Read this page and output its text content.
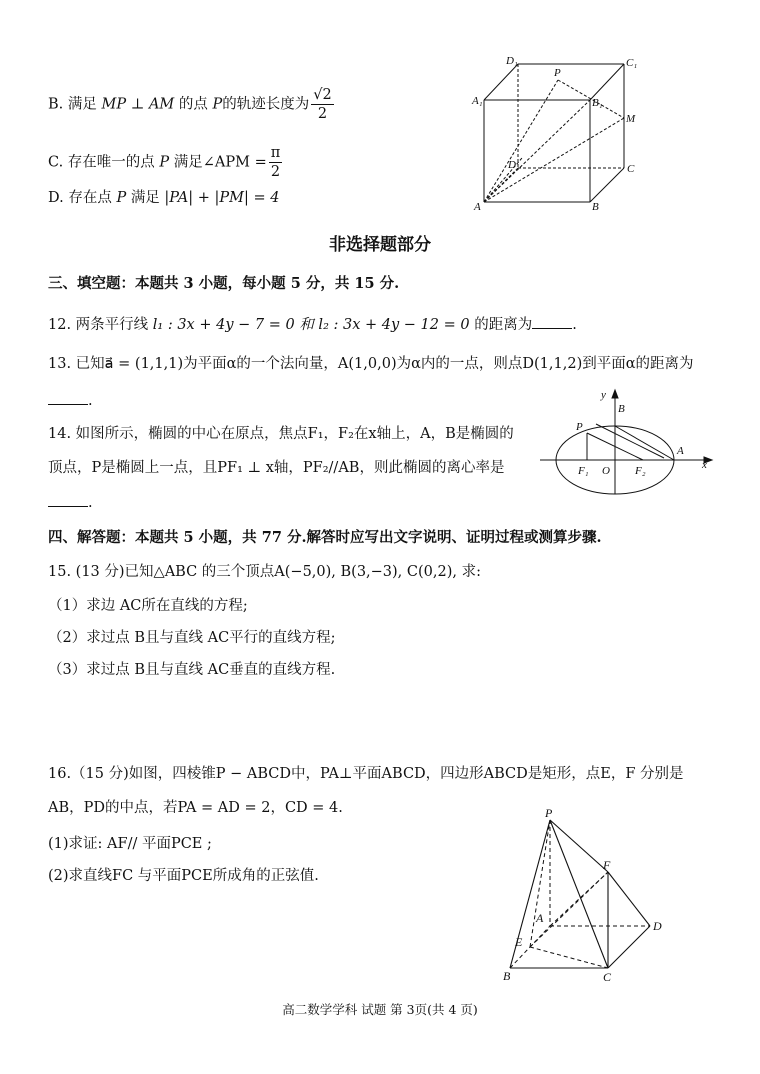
B. 满足 MP ⊥ AM 的点 P的轨迹长度为 $\frac{√2}{2}$
C. 存在唯一的点 P 满足∠APM = $\frac{\pi}{2}$
D. 存在点 P 满足 |PA| + |PM| = 4
D₁	C₁
A₁	B₁
P
M
D	C
A	B
非选择题部分
三、填空题：本题共 3 小题，每小题 5 分，共 15 分.
12. 两条平行线 l₁ : 3x + 4y − 7 = 0 和 l₂ : 3x + 4y − 12 = 0 的距离为	.
13. 已知a⃗ = (1,1,1)为平面α的一个法向量，A(1,0,0)为α内的一点，则点D(1,1,2)到平面α的距离为
.
14. 如图所示，椭圆的中心在原点，焦点F₁，F₂在x轴上，A，B是椭圆的
顶点，P是椭圆上一点，且PF₁ ⊥ x轴，PF₂//AB，则此椭圆的离心率是
.
y
P
B
A
x
F₁ O F₂
四、解答题：本题共 5 小题，共 77 分.解答时应写出文字说明、证明过程或测算步骤.
15. (13 分)已知△ABC 的三个顶点A(−5,0), B(3,−3), C(0,2), 求:
（1）求边 AC所在直线的方程;
（2）求过点 B且与直线 AC平行的直线方程;
（3）求过点 B且与直线 AC垂直的直线方程.
16.（15 分)如图，四棱锥P − ABCD中，PA⊥平面ABCD，四边形ABCD是矩形，点E，F 分别是
AB，PD的中点，若PA = AD = 2，CD = 4.
(1)求证: AF// 平面PCE ;
(2)求直线FC 与平面PCE所成角的正弦值.
P
F
A
D
E
B	C
高二数学学科 试题 第 3页(共 4 页)
